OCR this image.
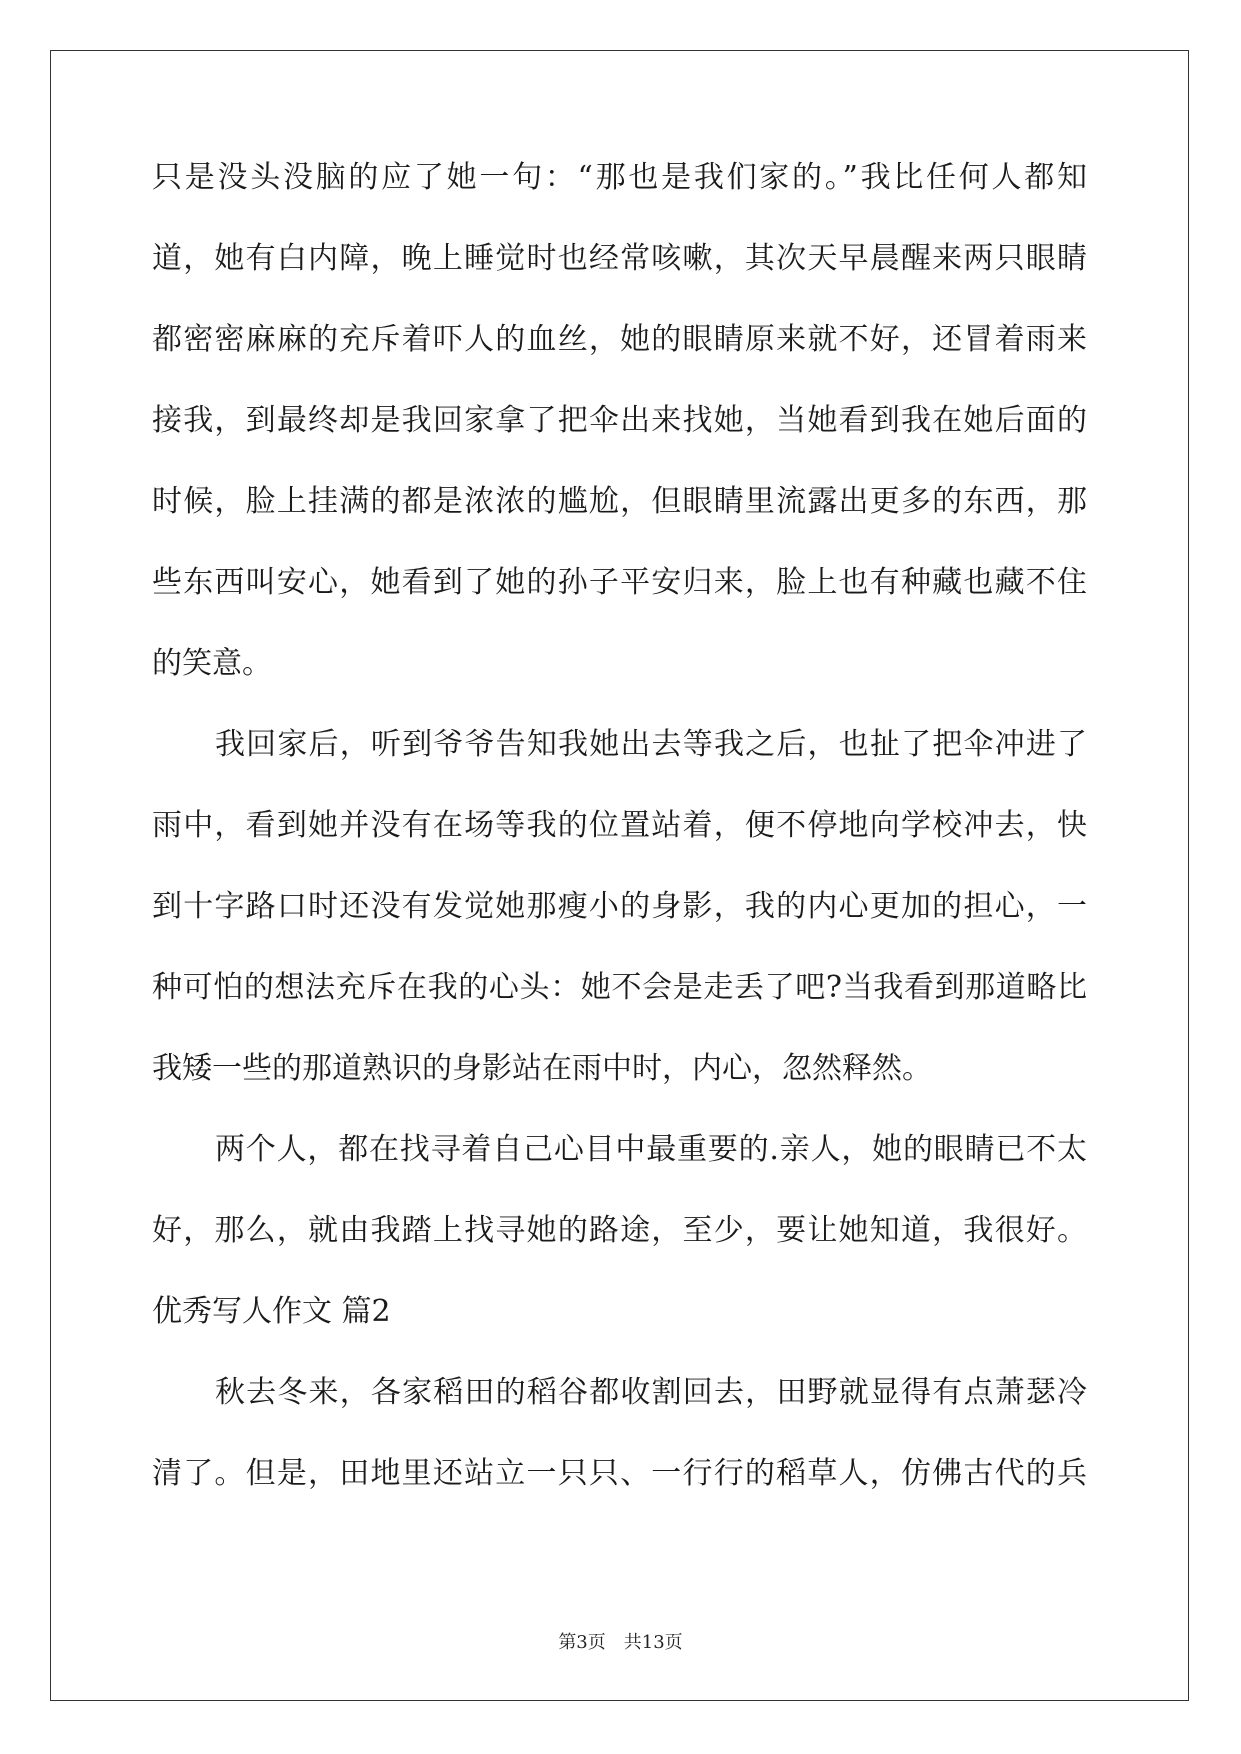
只是没头没脑的应了她一句：“那也是我们家的。”我比任何人都知
道，她有白内障，晚上睡觉时也经常咳嗽，其次天早晨醒来两只眼睛
都密密麻麻的充斥着吓人的血丝，她的眼睛原来就不好，还冒着雨来
接我，到最终却是我回家拿了把伞出来找她，当她看到我在她后面的
时候，脸上挂满的都是浓浓的尴尬，但眼睛里流露出更多的东西，那
些东西叫安心，她看到了她的孙子平安归来，脸上也有种藏也藏不住
的笑意。
我回家后，听到爷爷告知我她出去等我之后，也扯了把伞冲进了
雨中，看到她并没有在场等我的位置站着，便不停地向学校冲去，快
到十字路口时还没有发觉她那瘦小的身影，我的内心更加的担心，一
种可怕的想法充斥在我的心头：她不会是走丢了吧?当我看到那道略比
我矮一些的那道熟识的身影站在雨中时，内心，忽然释然。
两个人，都在找寻着自己心目中最重要的.亲人，她的眼睛已不太
好，那么，就由我踏上找寻她的路途，至少，要让她知道，我很好。
优秀写人作文 篇2
秋去冬来，各家稻田的稻谷都收割回去，田野就显得有点萧瑟冷
清了。但是，田地里还站立一只只、一行行的稻草人，仿佛古代的兵
第3页 共13页
